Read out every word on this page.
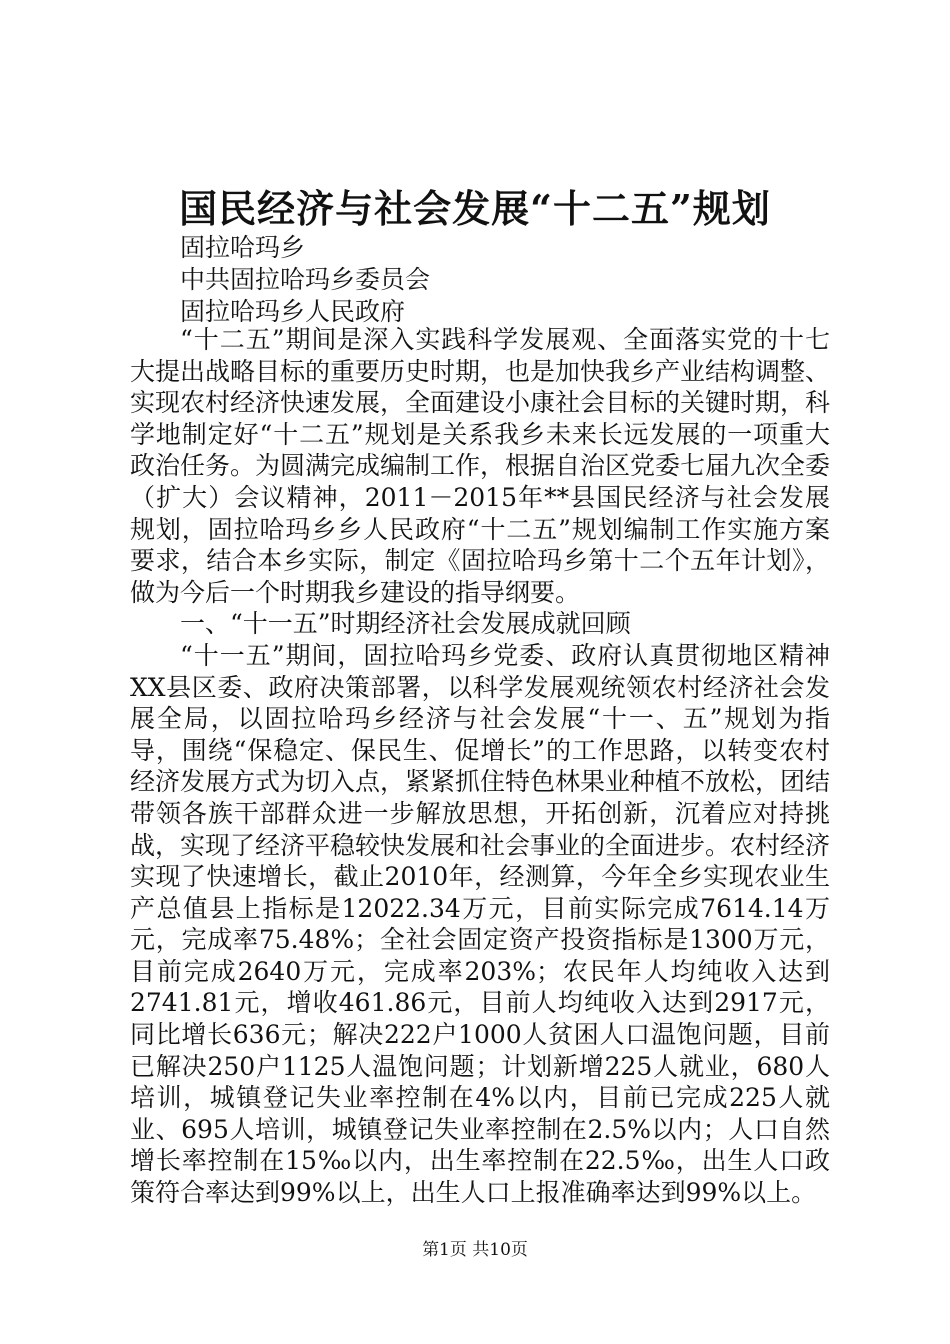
国民经济与社会发展“十二五”规划
固拉哈玛乡
中共固拉哈玛乡委员会
固拉哈玛乡人民政府

“十二五”期间是深入实践科学发展观、全面落实党的十七大提出战略目标的重要历史时期，也是加快我乡产业结构调整、实现农村经济快速发展，全面建设小康社会目标的关键时期，科学地制定好“十二五”规划是关系我乡未来长远发展的一项重大政治任务。为圆满完成编制工作，根据自治区党委七届九次全委（扩大）会议精神，2011－2015年**县国民经济与社会发展规划，固拉哈玛乡乡人民政府“十二五”规划编制工作实施方案要求，结合本乡实际，制定《固拉哈玛乡第十二个五年计划》，做为今后一个时期我乡建设的指导纲要。

一、“十一五”时期经济社会发展成就回顾

“十一五”期间，固拉哈玛乡党委、政府认真贯彻地区精神XX县区委、政府决策部署，以科学发展观统领农村经济社会发展全局，以固拉哈玛乡经济与社会发展“十一、五”规划为指导，围绕“保稳定、保民生、促增长”的工作思路，以转变农村经济发展方式为切入点，紧紧抓住特色林果业种植不放松，团结带领各族干部群众进一步解放思想，开拓创新，沉着应对持挑战，实现了经济平稳较快发展和社会事业的全面进步。农村经济实现了快速增长，截止2010年，经测算，今年全乡实现农业生产总值县上指标是12022.34万元，目前实际完成7614.14万元，完成率75.48%；全社会固定资产投资指标是1300万元，目前完成2640万元，完成率203%；农民年人均纯收入达到2741.81元，增收461.86元，目前人均纯收入达到2917元，同比增长636元；解决222户1000人贫困人口温饱问题，目前已解决250户1125人温饱问题；计划新增225人就业，680人培训，城镇登记失业率控制在4%以内，目前已完成225人就业、695人培训，城镇登记失业率控制在2.5%以内；人口自然增长率控制在15‰以内，出生率控制在22.5‰，出生人口政策符合率达到99%以上，出生人口上报准确率达到99%以上。

第1页 共10页
